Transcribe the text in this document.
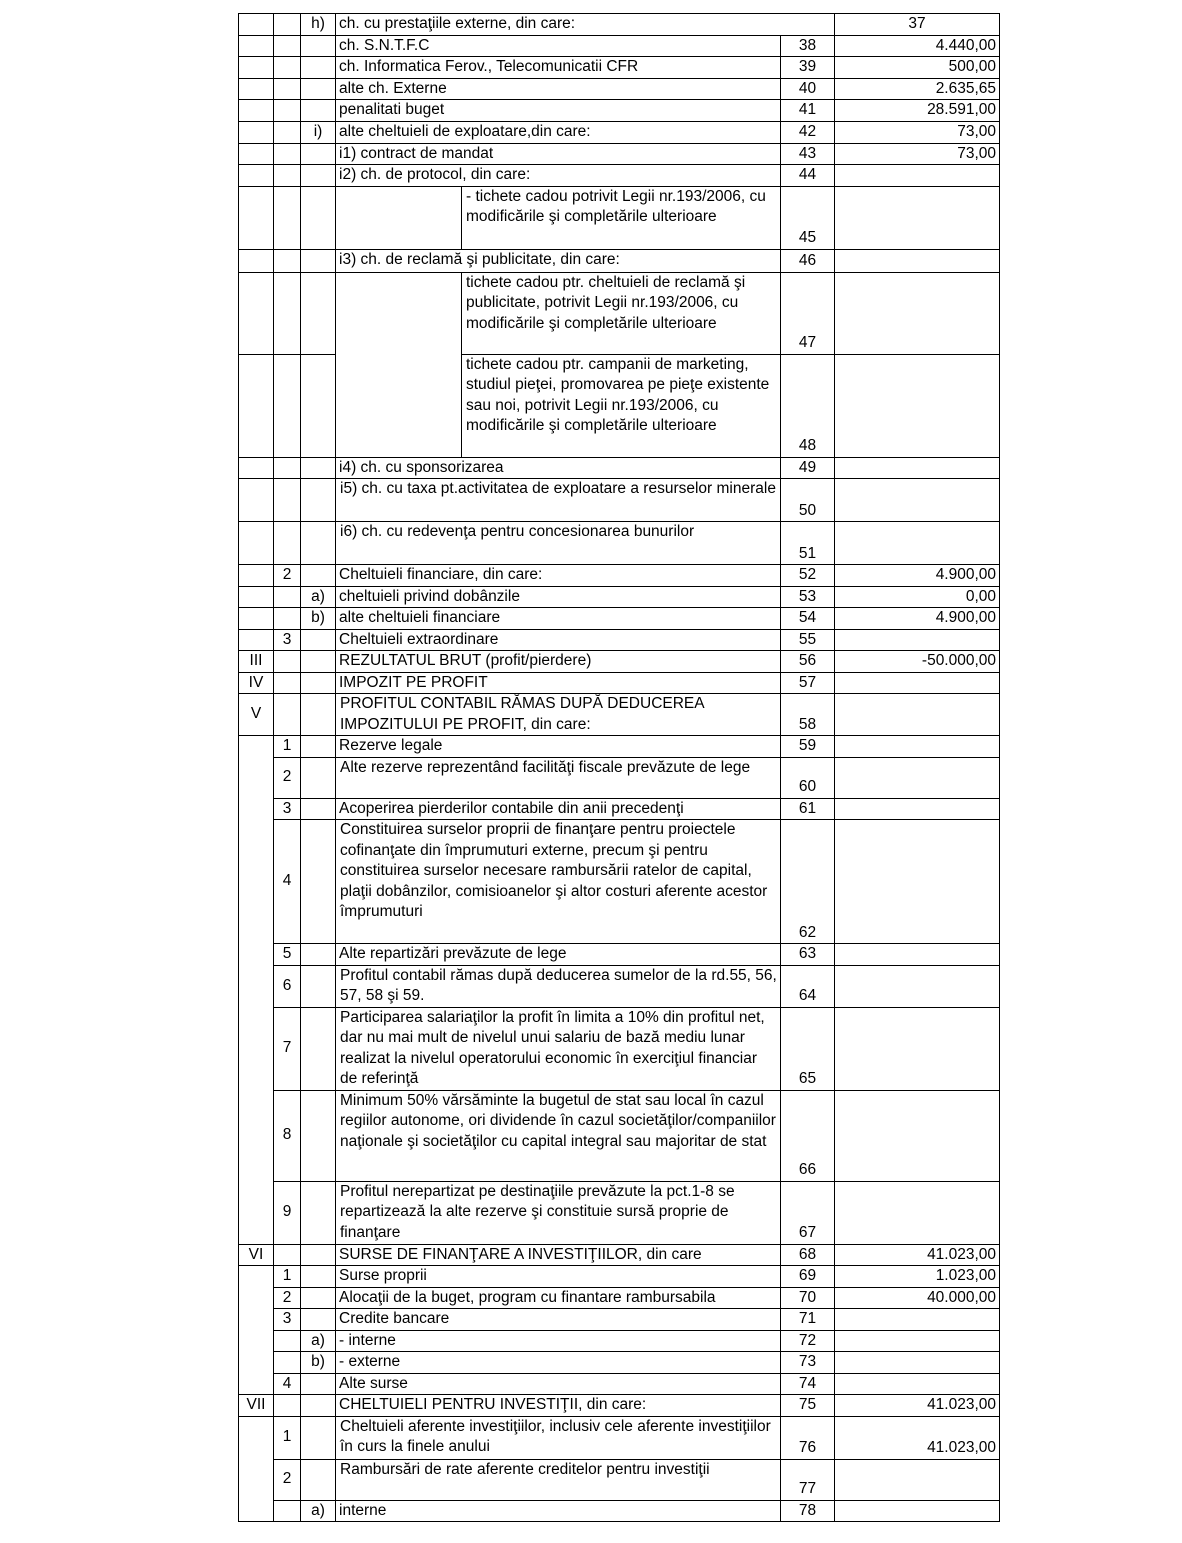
		h)	ch. cu prestaţiile externe, din care:			37	
			ch. S.N.T.F.C		38	4.440,00	
			ch. Informatica Ferov., Telecomunicatii CFR		39	500,00	
			alte ch. Externe		40	2.635,65	
			penalitati buget		41	28.591,00	
		i)	alte cheltuieli de exploatare,din care:		42	73,00	
			i1) contract de mandat		43	73,00	
			i2) ch. de protocol, din care:		44		
				- tichete cadou potrivit Legii nr.193/2006, cu modificările şi completările ulterioare	45		
			i3) ch. de reclamă şi publicitate, din care:		46		
				tichete cadou ptr. cheltuieli de reclamă şi publicitate, potrivit Legii nr.193/2006, cu modificările şi completările ulterioare	47		
				tichete cadou ptr. campanii de marketing, studiul pieţei, promovarea pe pieţe existente sau noi, potrivit Legii nr.193/2006, cu modificările şi completările ulterioare	48		
			i4) ch. cu sponsorizarea		49		
			i5) ch. cu taxa pt.activitatea de exploatare a resurselor minerale		50		
			i6) ch. cu redevenţa pentru concesionarea bunurilor		51		
	2		Cheltuieli financiare, din care:		52	4.900,00	
		a)	cheltuieli privind dobânzile		53	0,00	
		b)	alte cheltuieli financiare		54	4.900,00	
	3		Cheltuieli extraordinare		55		
III			REZULTATUL BRUT (profit/pierdere)		56	-50.000,00	
IV			IMPOZIT PE PROFIT		57		
V			PROFITUL CONTABIL RĂMAS DUPĂ DEDUCEREA IMPOZITULUI PE PROFIT, din care:		58		
	1		Rezerve legale		59		
	2		Alte rezerve reprezentând facilităţi fiscale prevăzute de lege		60		
	3		Acoperirea pierderilor contabile din anii precedenţi		61		
	4		Constituirea surselor proprii de finanţare pentru proiectele cofinanţate din împrumuturi externe, precum şi pentru constituirea surselor necesare rambursării ratelor de capital, plaţii dobânzilor, comisioanelor şi altor costuri aferente acestor împrumuturi		62		
	5		Alte repartizări prevăzute de lege		63		
	6		Profitul contabil rămas după deducerea sumelor de la rd.55, 56, 57, 58 şi 59.		64		
	7		Participarea salariaţilor la profit în limita a 10% din profitul net, dar nu mai mult de nivelul unui salariu de bază mediu lunar realizat la nivelul operatorului economic în exerciţiul financiar de referinţă		65		
	8		Minimum 50% vărsăminte la bugetul de stat sau local în cazul regiilor autonome, ori dividende în cazul societăţilor/companiilor naţionale şi societăţilor cu capital integral sau majoritar de stat		66		
	9		Profitul nerepartizat pe destinaţiile prevăzute la pct.1-8 se repartizează la alte rezerve şi constituie sursă proprie de finanţare		67		
VI			SURSE DE FINANŢARE A INVESTIŢIILOR, din care		68	41.023,00	
	1		Surse proprii		69	1.023,00	
	2		Alocaţii de la buget, program cu finantare rambursabila		70	40.000,00	
	3		Credite bancare		71		
		a)	- interne		72		
		b)	- externe		73		
	4		Alte surse		74		
VII			CHELTUIELI PENTRU INVESTIŢII, din care:		75	41.023,00	
	1		Cheltuieli aferente investiţiilor, inclusiv cele aferente investiţiilor în curs la finele anului		76	41.023,00	
	2		Rambursări de rate aferente creditelor pentru investiţii		77		
		a)	interne		78		
